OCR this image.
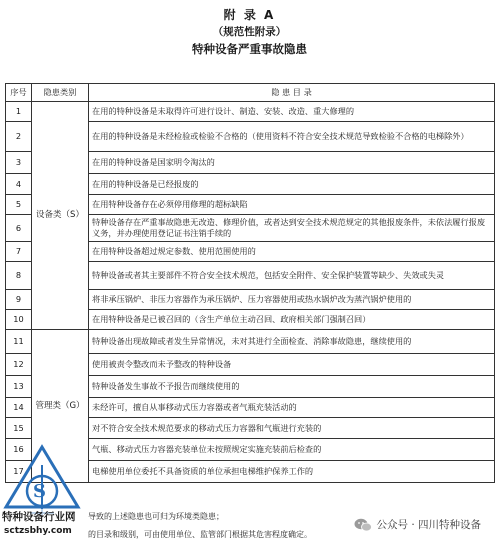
附 录 A
（规范性附录）
特种设备严重事故隐患
序号	隐患类别	隐 患 目 录
1	设备类（S）	在用的特种设备是未取得许可进行设计、制造、安装、改造、重大修理的
2		在用的特种设备是未经检验或检验不合格的（使用资料不符合安全技术规范导致检验不合格的电梯除外）
3		在用的特种设备是国家明令淘汰的
4		在用的特种设备是已经报废的
5		在用特种设备存在必须停用修理的超标缺陷
6		特种设备存在严重事故隐患无改造、修理价值，或者达到安全技术规范规定的其他报废条件，未依法履行报废义务，并办理使用登记证书注销手续的
7		在用特种设备超过规定参数、使用范围使用的
8		特种设备或者其主要部件不符合安全技术规范，包括安全附件、安全保护装置等缺少、失效或失灵
9		将非承压锅炉、非压力容器作为承压锅炉、压力容器使用或热水锅炉改为蒸汽锅炉使用的
10		在用特种设备是已被召回的（含生产单位主动召回、政府相关部门强制召回）
11	管理类（G）	特种设备出现故障或者发生异常情况，未对其进行全面检查、消除事故隐患，继续使用的
12		使用被责令整改而未予整改的特种设备
13		特种设备发生事故不予报告而继续使用的
14		未经许可，擅自从事移动式压力容器或者气瓶充装活动的
15		对不符合安全技术规范要求的移动式压力容器和气瓶进行充装的
16		气瓶、移动式压力容器充装单位未按照规定实施充装前后检查的
17		电梯使用单位委托不具备资质的单位承担电梯维护保养工作的
导致的上述隐患也可归为环境类隐患；
的目录和级别，可由使用单位、监管部门根据其危害程度确定。
S
特种设备行业网
sctzsbhy.com	公众号 · 四川特种设备
